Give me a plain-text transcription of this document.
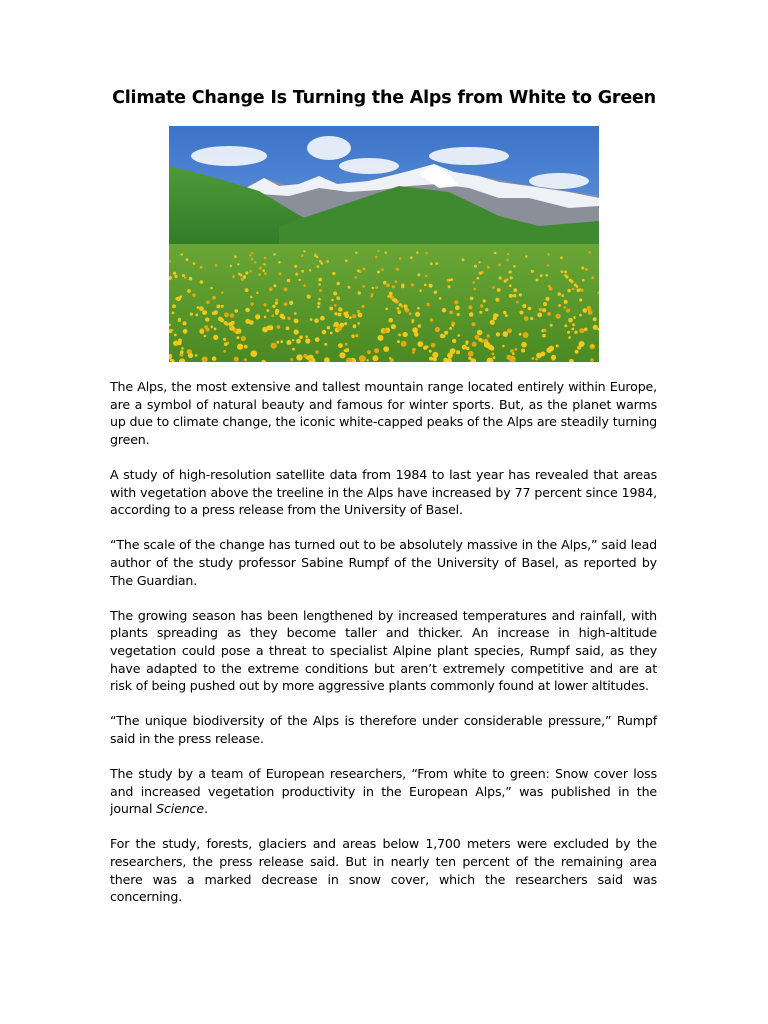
Climate Change Is Turning the Alps from White to Green

The Alps, the most extensive and tallest mountain range located entirely within Europe, are a symbol of natural beauty and famous for winter sports. But, as the planet warms up due to climate change, the iconic white-capped peaks of the Alps are steadily turning green.

A study of high-resolution satellite data from 1984 to last year has revealed that areas with vegetation above the treeline in the Alps have increased by 77 percent since 1984, according to a press release from the University of Basel.

“The scale of the change has turned out to be absolutely massive in the Alps,” said lead author of the study professor Sabine Rumpf of the University of Basel, as reported by The Guardian.

The growing season has been lengthened by increased temperatures and rainfall, with plants spreading as they become taller and thicker. An increase in high-altitude vegetation could pose a threat to specialist Alpine plant species, Rumpf said, as they have adapted to the extreme conditions but aren’t extremely competitive and are at risk of being pushed out by more aggressive plants commonly found at lower altitudes.

“The unique biodiversity of the Alps is therefore under considerable pressure,” Rumpf said in the press release.

The study by a team of European researchers, “From white to green: Snow cover loss and increased vegetation productivity in the European Alps,” was published in the journal Science.

For the study, forests, glaciers and areas below 1,700 meters were excluded by the researchers, the press release said. But in nearly ten percent of the remaining area there was a marked decrease in snow cover, which the researchers said was concerning.
